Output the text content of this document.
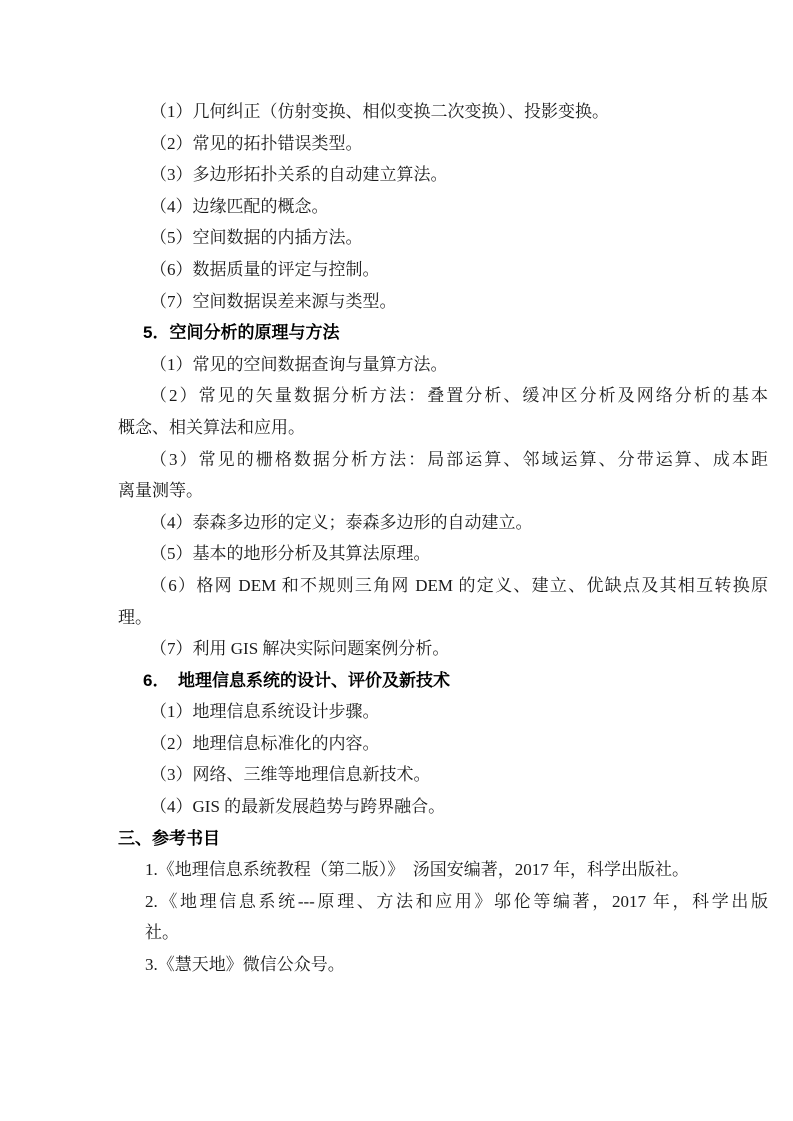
（1）几何纠正（仿射变换、相似变换二次变换）、投影变换。
（2）常见的拓扑错误类型。
（3）多边形拓扑关系的自动建立算法。
（4）边缘匹配的概念。
（5）空间数据的内插方法。
（6）数据质量的评定与控制。
（7）空间数据误差来源与类型。
5．空间分析的原理与方法
（1）常见的空间数据查询与量算方法。
（2）常见的矢量数据分析方法：叠置分析、缓冲区分析及网络分析的基本
概念、相关算法和应用。
（3）常见的栅格数据分析方法：局部运算、邻域运算、分带运算、成本距
离量测等。
（4）泰森多边形的定义；泰森多边形的自动建立。
（5）基本的地形分析及其算法原理。
（6）格网 DEM 和不规则三角网 DEM 的定义、建立、优缺点及其相互转换原
理。
（7）利用 GIS 解决实际问题案例分析。
6．　地理信息系统的设计、评价及新技术
（1）地理信息系统设计步骤。
（2）地理信息标准化的内容。
（3）网络、三维等地理信息新技术。
（4）GIS 的最新发展趋势与跨界融合。
三、参考书目
1.《地理信息系统教程（第二版）》　汤国安编著，2017 年，科学出版社。
2.《地理信息系统---原理、方法和应用》邬伦等编著，2017 年，科学出版
社。
3.《慧天地》微信公众号。
